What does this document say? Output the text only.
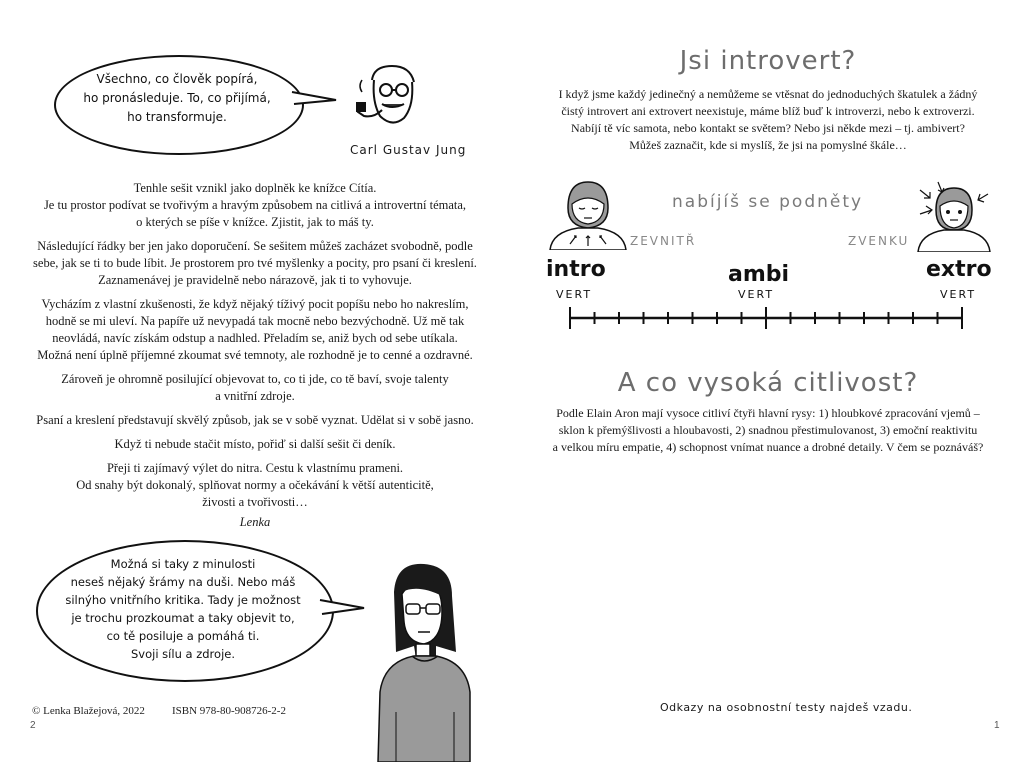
Všechno, co člověk popírá,
ho pronásleduje. To, co přijímá,
ho transformuje.
Carl Gustav Jung

Tenhle sešit vznikl jako doplněk ke knížce Cítía.
Je tu prostor podívat se tvořivým a hravým způsobem na citlivá a introvertní témata,
o kterých se píše v knížce. Zjistit, jak to máš ty.

Následující řádky ber jen jako doporučení. Se sešitem můžeš zacházet svobodně, podle
sebe, jak se ti to bude líbit. Je prostorem pro tvé myšlenky a pocity, pro psaní či kreslení.
Zaznamenávej je pravidelně nebo nárazově, jak ti to vyhovuje.

Vycházím z vlastní zkušenosti, že když nějaký tíživý pocit popíšu nebo ho nakreslím,
hodně se mi uleví. Na papíře už nevypadá tak mocně nebo bezvýchodně. Už mě tak
neovládá, navíc získám odstup a nadhled. Přeladím se, aniž bych od sebe utíkala.
Možná není úplně příjemné zkoumat své temnoty, ale rozhodně je to cenné a ozdravné.

Zároveň je ohromně posilující objevovat to, co ti jde, co tě baví, svoje talenty
a vnitřní zdroje.

Psaní a kreslení představují skvělý způsob, jak se v sobě vyznat. Udělat si v sobě jasno.

Když ti nebude stačit místo, pořiď si další sešit či deník.

Přeji ti zajímavý výlet do nitra. Cestu k vlastnímu prameni.
Od snahy být dokonalý, splňovat normy a očekávání k větší autenticitě,
živosti a tvořivosti…

Lenka

Možná si taky z minulosti
neseš nějaký šrámy na duši. Nebo máš
silnýho vnitřního kritika. Tady je možnost
je trochu prozkoumat a taky objevit to,
co tě posiluje a pomáhá ti.
Svoji sílu a zdroje.
© Lenka Blažejová, 2022 ISBN 978-80-908726-2-2
2
Jsi introvert?
I když jsme každý jedinečný a nemůžeme se vtěsnat do jednoduchých škatulek a žádný
čistý introvert ani extrovert neexistuje, máme blíž buď k introverzi, nebo k extroverzi.
Nabíjí tě víc samota, nebo kontakt se světem? Nebo jsi někde mezi – tj. ambivert?
Můžeš zaznačit, kde si myslíš, že jsi na pomyslné škále…
nabíjíš se podněty
ZEVNITŘ	ZVENKU
intro
VERT
ambi
VERT
extro
VERT
A co vysoká citlivost?
Podle Elain Aron mají vysoce citliví čtyři hlavní rysy: 1) hloubkové zpracování vjemů –
sklon k přemýšlivosti a hloubavosti, 2) snadnou přestimulovanost, 3) emoční reaktivitu
a velkou míru empatie, 4) schopnost vnímat nuance a drobné detaily. V čem se poznáváš?
Odkazy na osobnostní testy najdeš vzadu.
1
